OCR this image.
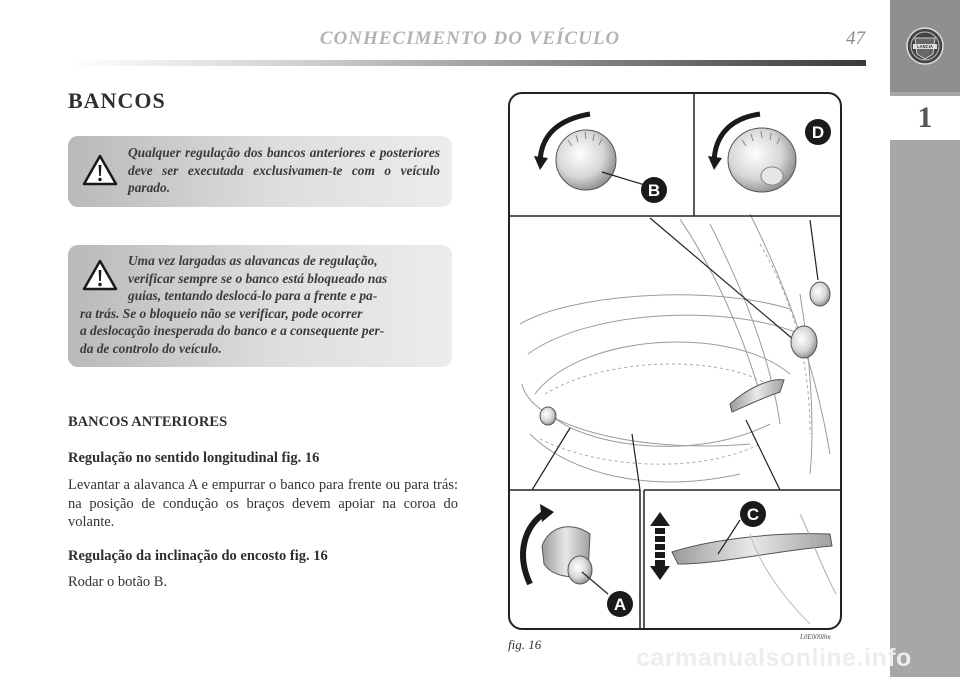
CONHECIMENTO DO VEÍCULO	47	LANCIA
1
BANCOS
Qualquer regulação dos bancos anteriores e posteriores deve ser executada exclusivamen-te com o veículo parado.
Uma vez largadas as alavancas de regulação,
verificar sempre se o banco está bloqueado nas
guias, tentando deslocá-lo para a frente e pa-
ra trás. Se o bloqueio não se verificar, pode ocorrer
a deslocação inesperada do banco e a consequente per-
da de controlo do veículo.
BANCOS ANTERIORES
Regulação no sentido longitudinal fig. 16
Levantar a alavanca A e empurrar o banco para frente ou para trás: na posição de condução os braços devem apoiar na coroa do volante.
Regulação da inclinação do encosto fig. 16
Rodar o botão B.
B
D
C
A
fig. 16	L0E0008m
carmanualsonline.info
